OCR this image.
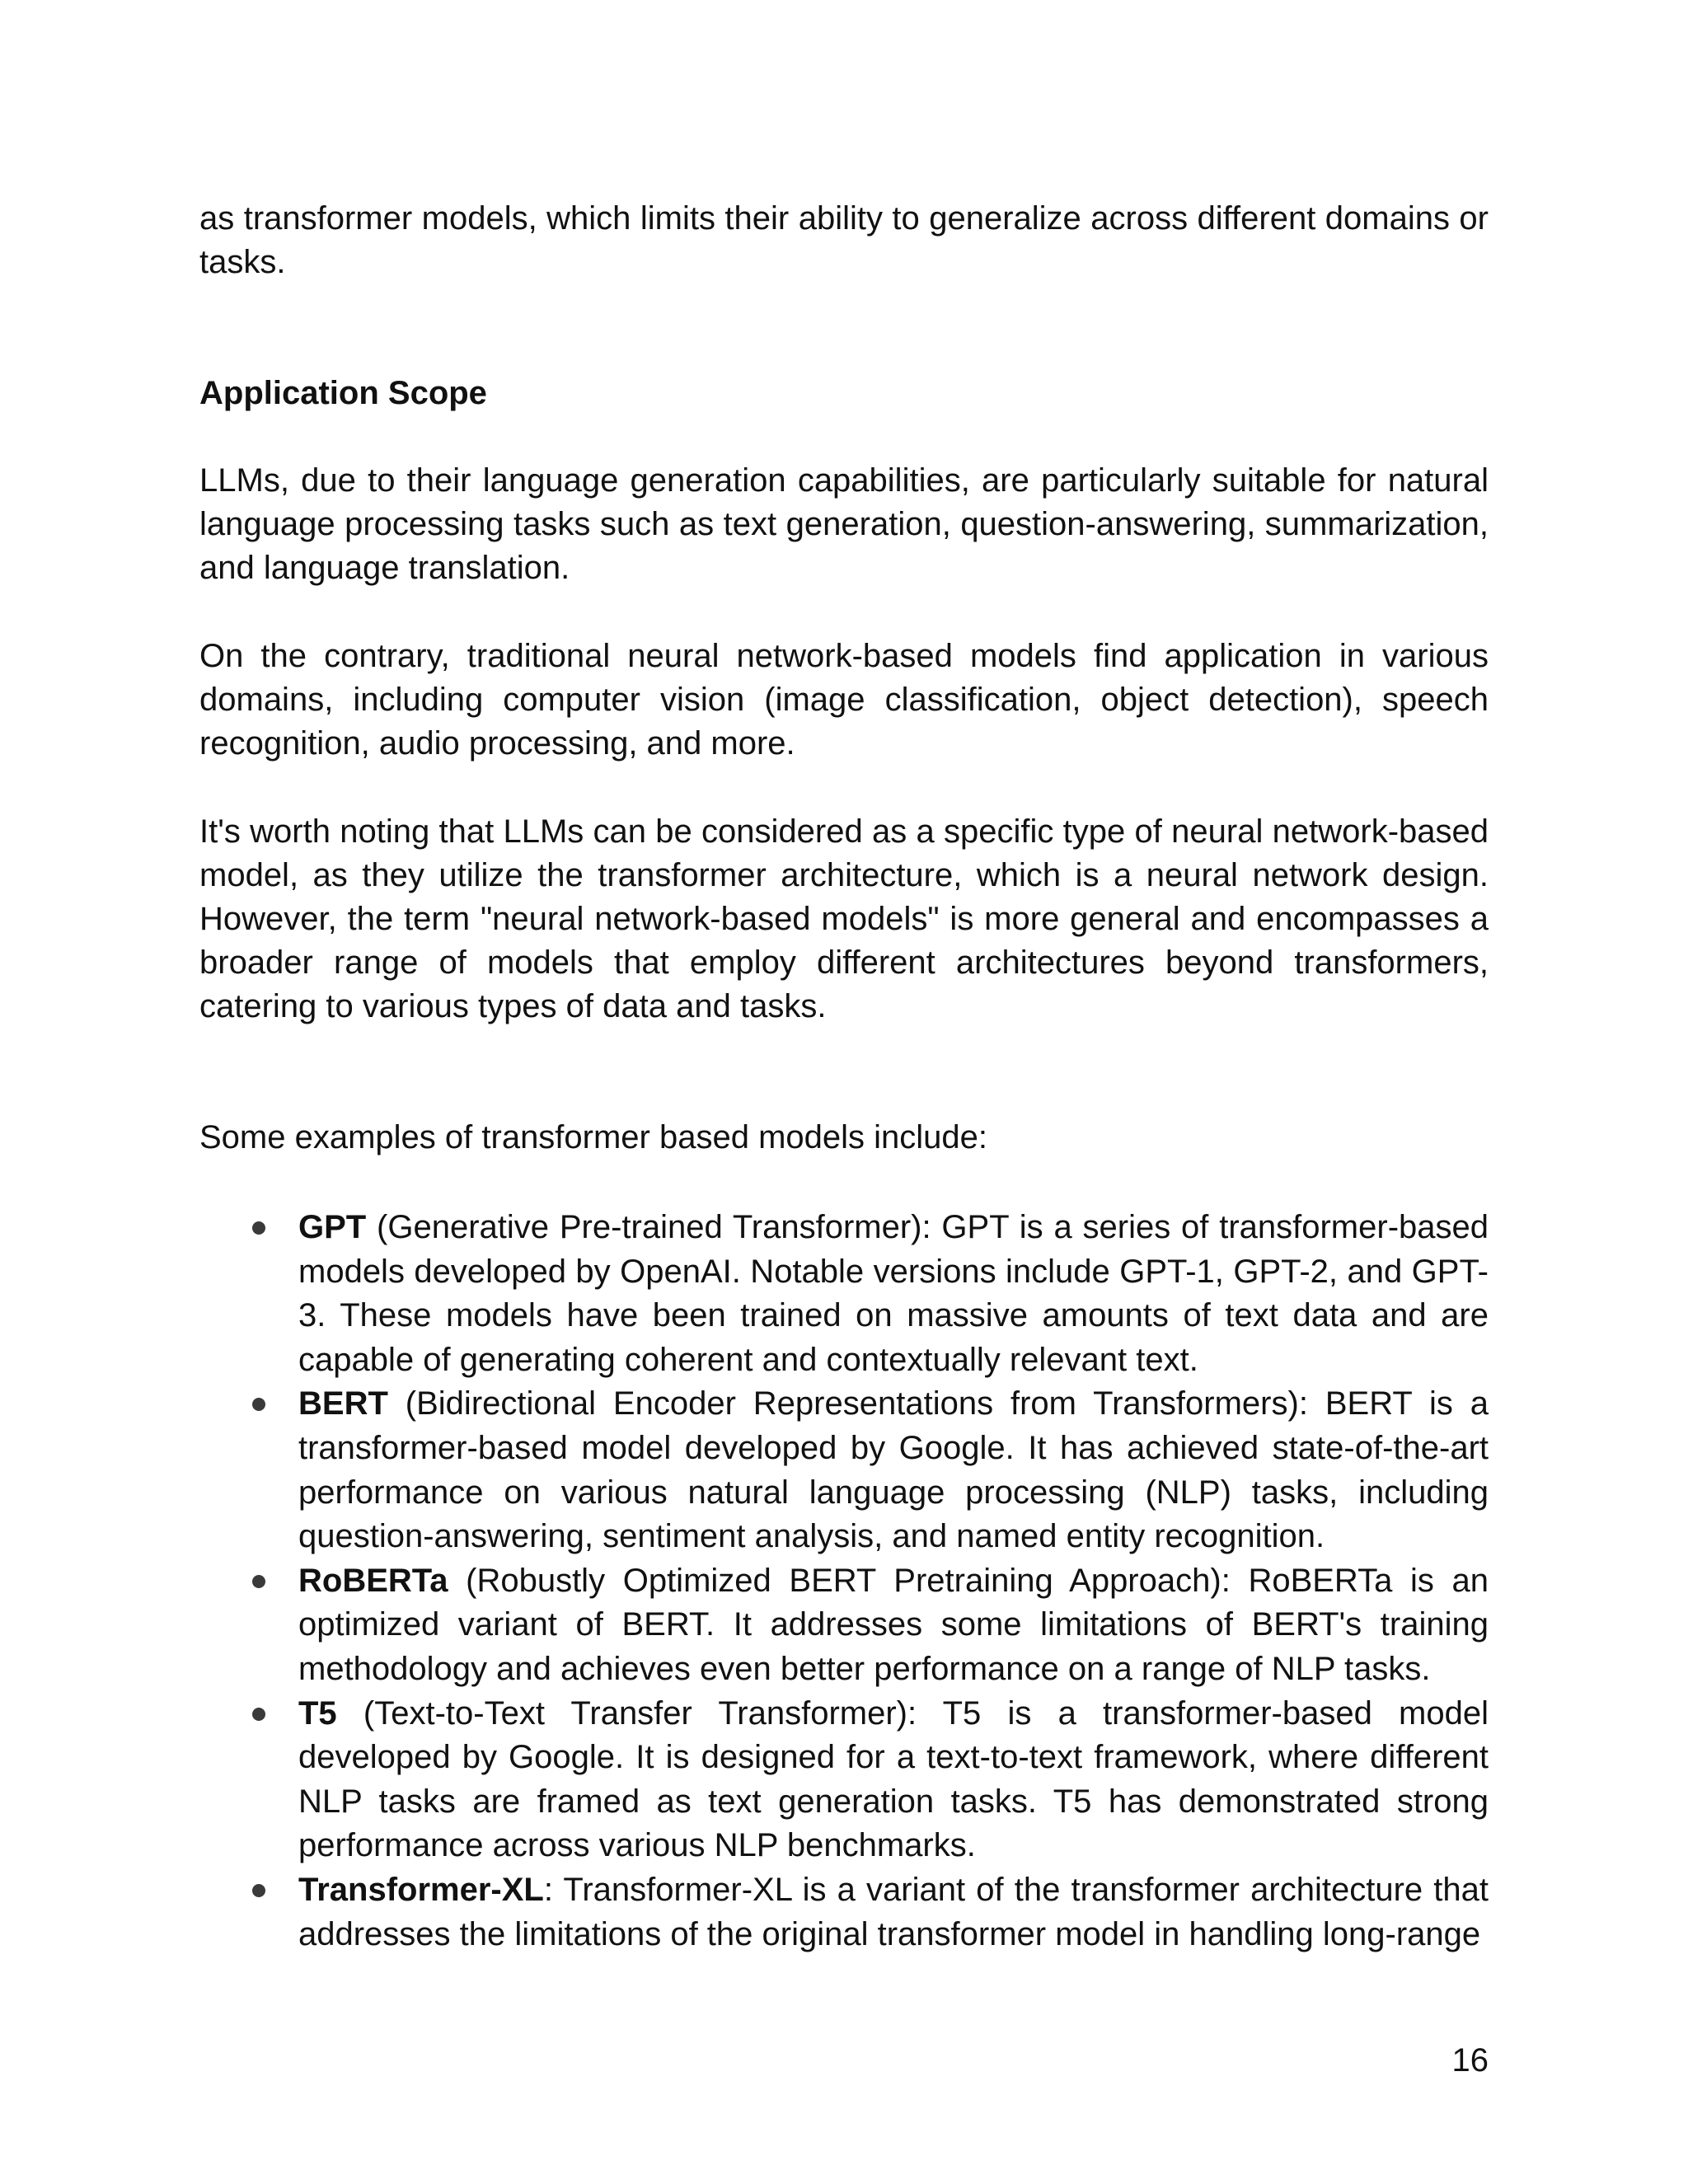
as transformer models, which limits their ability to generalize across different domains or tasks.

Application Scope

LLMs, due to their language generation capabilities, are particularly suitable for natural language processing tasks such as text generation, question-answering, summarization, and language translation.

On the contrary, traditional neural network-based models find application in various domains, including computer vision (image classification, object detection), speech recognition, audio processing, and more.

It's worth noting that LLMs can be considered as a specific type of neural network-based model, as they utilize the transformer architecture, which is a neural network design. However, the term "neural network-based models" is more general and encompasses a broader range of models that employ different architectures beyond transformers, catering to various types of data and tasks.

Some examples of transformer based models include:

GPT (Generative Pre-trained Transformer): GPT is a series of transformer-based models developed by OpenAI. Notable versions include GPT-1, GPT-2, and GPT-3. These models have been trained on massive amounts of text data and are capable of generating coherent and contextually relevant text.
BERT (Bidirectional Encoder Representations from Transformers): BERT is a transformer-based model developed by Google. It has achieved state-of-the-art performance on various natural language processing (NLP) tasks, including question-answering, sentiment analysis, and named entity recognition.
RoBERTa (Robustly Optimized BERT Pretraining Approach): RoBERTa is an optimized variant of BERT. It addresses some limitations of BERT's training methodology and achieves even better performance on a range of NLP tasks.
T5 (Text-to-Text Transfer Transformer): T5 is a transformer-based model developed by Google. It is designed for a text-to-text framework, where different NLP tasks are framed as text generation tasks. T5 has demonstrated strong performance across various NLP benchmarks.
Transformer-XL: Transformer-XL is a variant of the transformer architecture that addresses the limitations of the original transformer model in handling long-range
16
